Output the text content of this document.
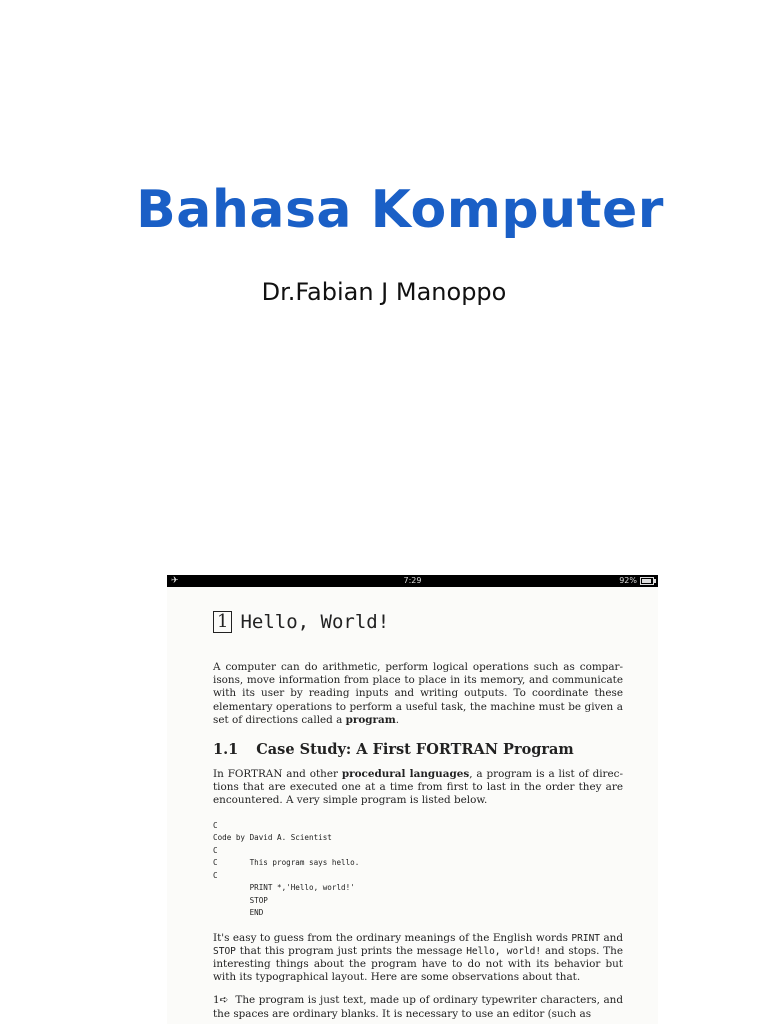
Bahasa Komputer
Dr.Fabian J Manoppo
✈	7:29	92%
1 Hello, World!

A computer can do arithmetic, perform logical operations such as compar- isons, move information from place to place in its memory, and communicate with its user by reading inputs and writing outputs. To coordinate these elementary operations to perform a useful task, the machine must be given a set of directions called a program.

1.1 Case Study: A First FORTRAN Program

In FORTRAN and other procedural languages, a program is a list of direc- tions that are executed one at a time from first to last in the order they are encountered. A very simple program is listed below.

C
Code by David A. Scientist
C
C       This program says hello.
C
PRINT *,'Hello, world!'
STOP
END

It's easy to guess from the ordinary meanings of the English words PRINT and STOP that this program just prints the message Hello, world! and stops. The interesting things about the program have to do not with its behavior but with its typographical layout. Here are some observations about that.

1➪ The program is just text, made up of ordinary typewriter characters, and the spaces are ordinary blanks. It is necessary to use an editor (such as
